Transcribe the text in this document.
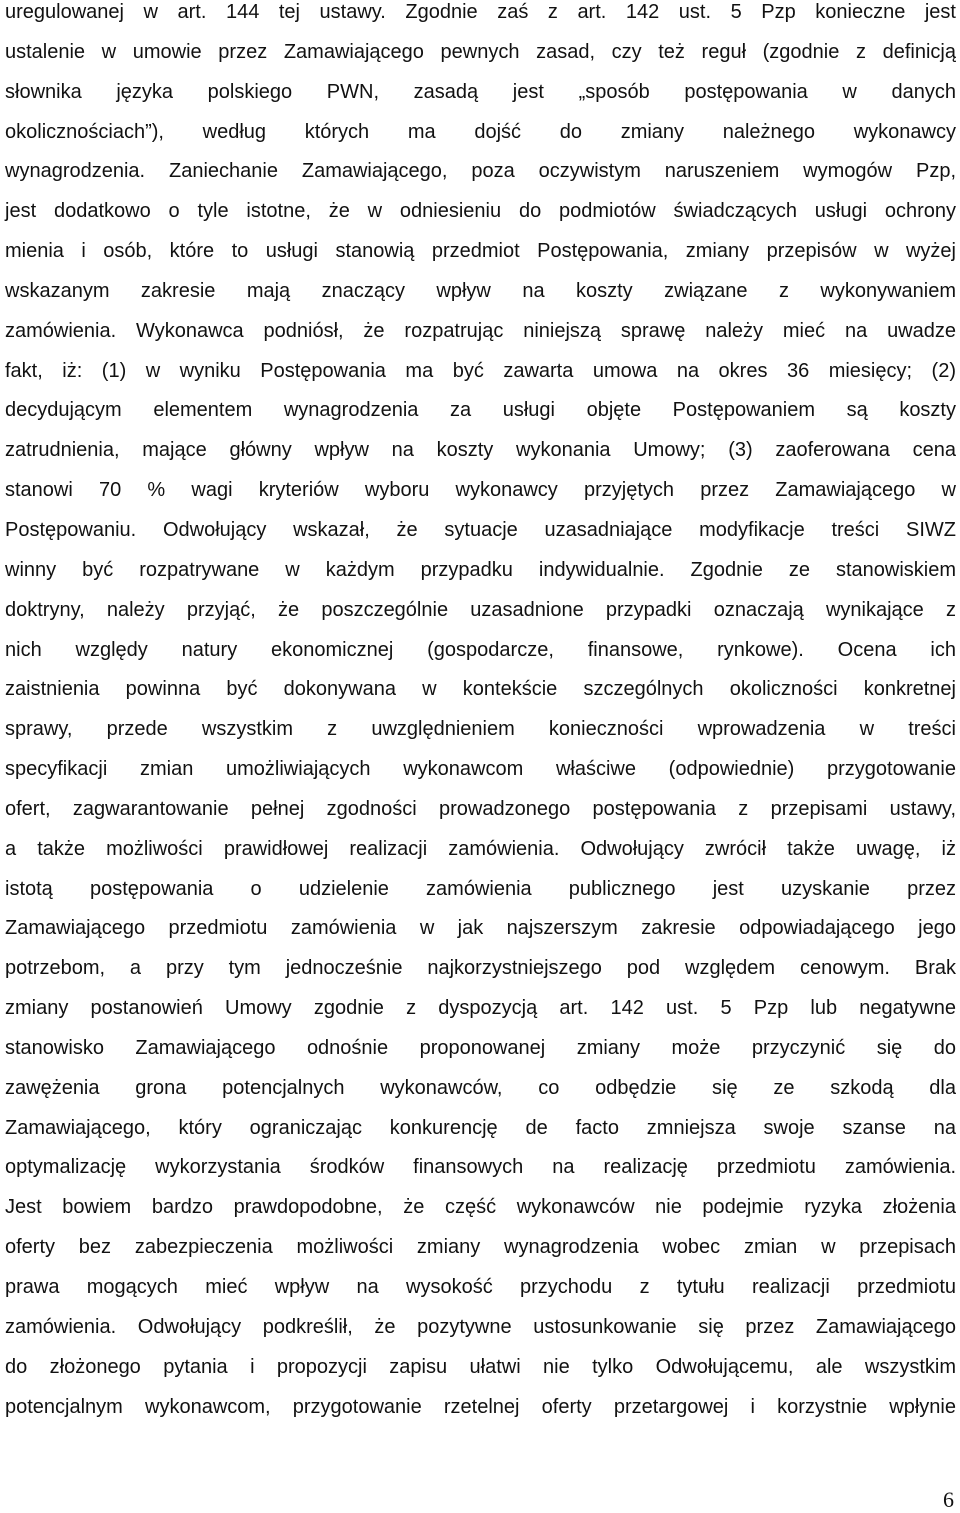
uregulowanej w art. 144 tej ustawy. Zgodnie zaś z art. 142 ust. 5 Pzp konieczne jest
ustalenie w umowie przez Zamawiającego pewnych zasad, czy też reguł (zgodnie z definicją
słownika języka polskiego PWN, zasadą jest „sposób postępowania w danych
okolicznościach”), według których ma dojść do zmiany należnego wykonawcy
wynagrodzenia. Zaniechanie Zamawiającego, poza oczywistym naruszeniem wymogów Pzp,
jest dodatkowo o tyle istotne, że w odniesieniu do podmiotów świadczących usługi ochrony
mienia i osób, które to usługi stanowią przedmiot Postępowania, zmiany przepisów w wyżej
wskazanym zakresie mają znaczący wpływ na koszty związane z wykonywaniem
zamówienia. Wykonawca podniósł, że rozpatrując niniejszą sprawę należy mieć na uwadze
fakt, iż: (1) w wyniku Postępowania ma być zawarta umowa na okres 36 miesięcy; (2)
decydującym elementem wynagrodzenia za usługi objęte Postępowaniem są koszty
zatrudnienia, mające główny wpływ na koszty wykonania Umowy; (3) zaoferowana cena
stanowi 70 % wagi kryteriów wyboru wykonawcy przyjętych przez Zamawiającego w
Postępowaniu. Odwołujący wskazał, że sytuacje uzasadniające modyfikacje treści SIWZ
winny być rozpatrywane w każdym przypadku indywidualnie. Zgodnie ze stanowiskiem
doktryny, należy przyjąć, że poszczególnie uzasadnione przypadki oznaczają wynikające z
nich względy natury ekonomicznej (gospodarcze, finansowe, rynkowe). Ocena ich
zaistnienia powinna być dokonywana w kontekście szczególnych okoliczności konkretnej
sprawy, przede wszystkim z uwzględnieniem konieczności wprowadzenia w treści
specyfikacji zmian umożliwiających wykonawcom właściwe (odpowiednie) przygotowanie
ofert, zagwarantowanie pełnej zgodności prowadzonego postępowania z przepisami ustawy,
a także możliwości prawidłowej realizacji zamówienia. Odwołujący zwrócił także uwagę, iż
istotą postępowania o udzielenie zamówienia publicznego jest uzyskanie przez
Zamawiającego przedmiotu zamówienia w jak najszerszym zakresie odpowiadającego jego
potrzebom, a przy tym jednocześnie najkorzystniejszego pod względem cenowym. Brak
zmiany postanowień Umowy zgodnie z dyspozycją art. 142 ust. 5 Pzp lub negatywne
stanowisko Zamawiającego odnośnie proponowanej zmiany może przyczynić się do
zawężenia grona potencjalnych wykonawców, co odbędzie się ze szkodą dla
Zamawiającego, który ograniczając konkurencję de facto zmniejsza swoje szanse na
optymalizację wykorzystania środków finansowych na realizację przedmiotu zamówienia.
Jest bowiem bardzo prawdopodobne, że część wykonawców nie podejmie ryzyka złożenia
oferty bez zabezpieczenia możliwości zmiany wynagrodzenia wobec zmian w przepisach
prawa mogących mieć wpływ na wysokość przychodu z tytułu realizacji przedmiotu
zamówienia. Odwołujący podkreślił, że pozytywne ustosunkowanie się przez Zamawiającego
do złożonego pytania i propozycji zapisu ułatwi nie tylko Odwołującemu, ale wszystkim
potencjalnym wykonawcom, przygotowanie rzetelnej oferty przetargowej i korzystnie wpłynie
6
